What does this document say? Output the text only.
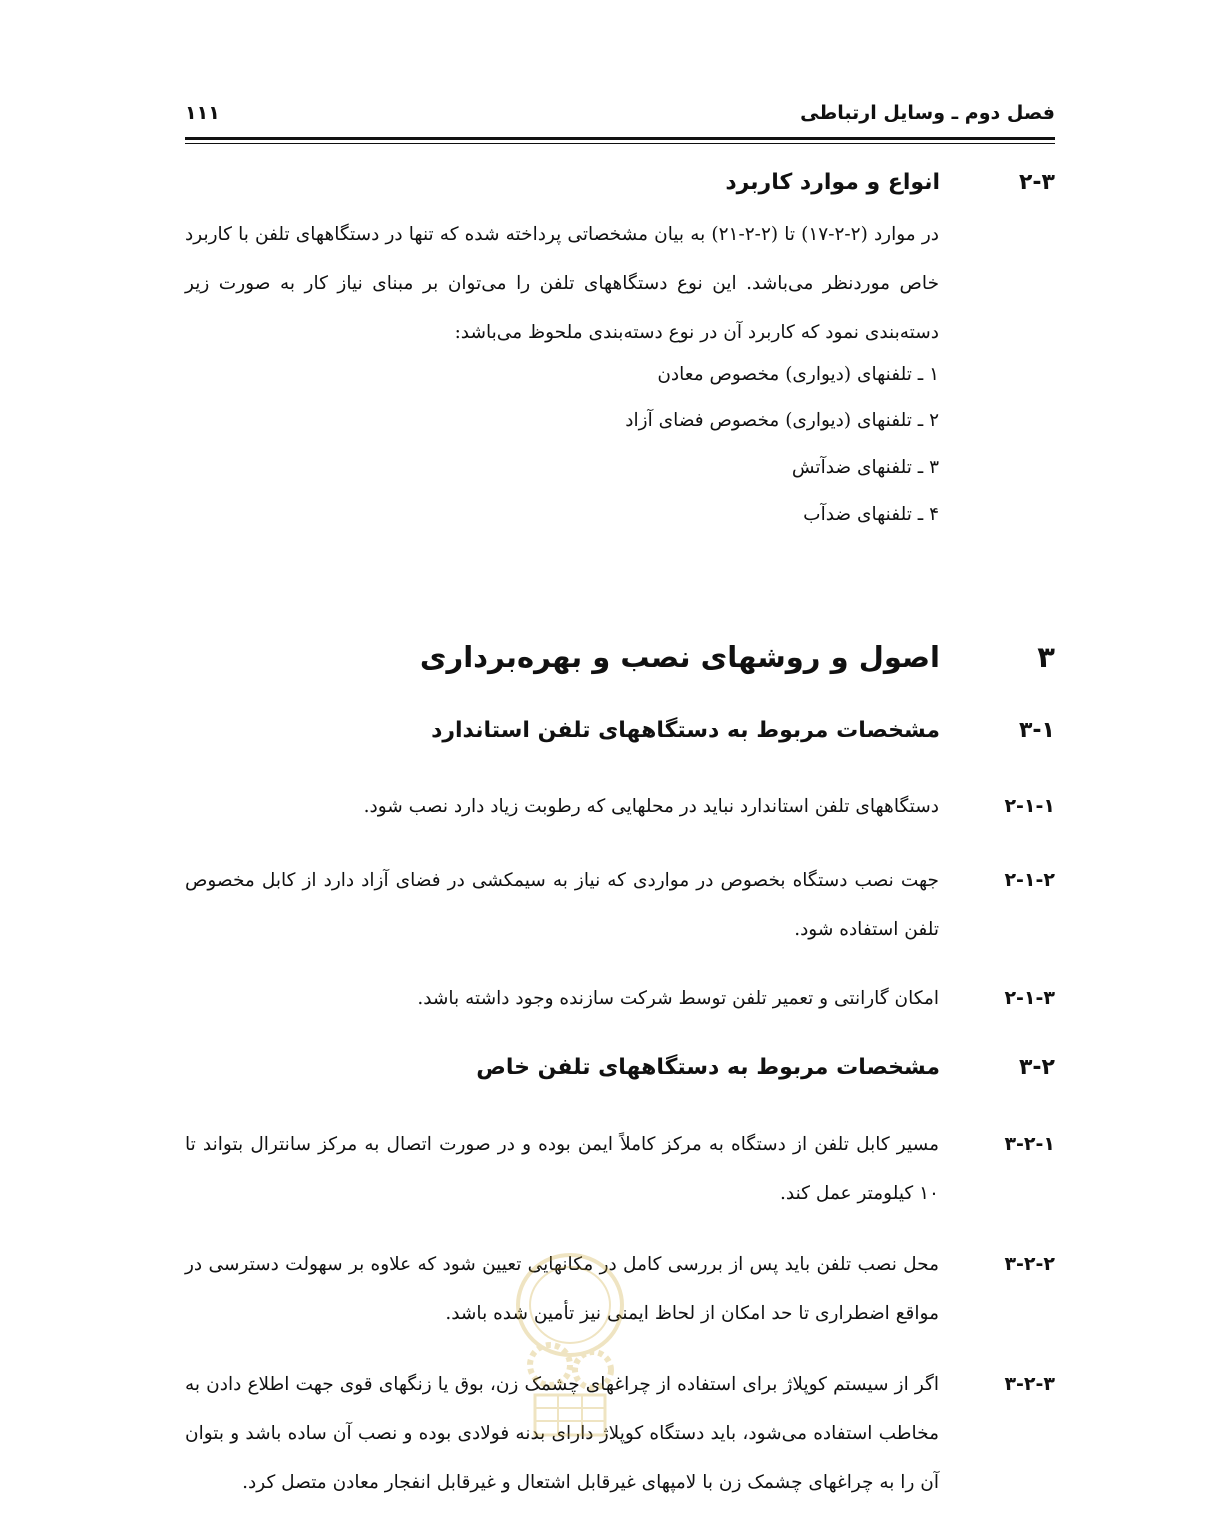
فصل دوم ـ وسایل ارتباطی
۱۱۱
۲-۳
انواع و موارد کاربرد
در موارد (۲-۲-۱۷) تا (۲-۲-۲۱) به بیان مشخصاتی پرداخته شده که تنها در دستگاههای تلفن با کاربرد خاص موردنظر می‌باشد. این نوع دستگاههای تلفن را می‌توان بر مبنای نیاز کار به صورت زیر دسته‌بندی نمود که کاربرد آن در نوع دسته‌بندی ملحوظ می‌باشد:
۱ ـ تلفنهای (دیواری) مخصوص معادن
۲ ـ تلفنهای (دیواری) مخصوص فضای آزاد
۳ ـ تلفنهای ضدآتش
۴ ـ تلفنهای ضدآب
۳
اصول و روشهای نصب و بهره‌برداری
۳-۱
مشخصات مربوط به دستگاههای تلفن استاندارد
۲-۱-۱
دستگاههای تلفن استاندارد نباید در محلهایی که رطوبت زیاد دارد نصب شود.
۲-۱-۲
جهت نصب دستگاه بخصوص در مواردی که نیاز به سیمکشی در فضای آزاد دارد از کابل مخصوص تلفن استفاده شود.
۲-۱-۳
امکان گارانتی و تعمیر تلفن توسط شرکت سازنده وجود داشته باشد.
۳-۲
مشخصات مربوط به دستگاههای تلفن خاص
۳-۲-۱
مسیر کابل تلفن از دستگاه به مرکز کاملاً ایمن بوده و در صورت اتصال به مرکز سانترال بتواند تا ۱۰ کیلومتر عمل کند.
۳-۲-۲
محل نصب تلفن باید پس از بررسی کامل در مکانهایی تعیین شود که علاوه بر سهولت دسترسی در مواقع اضطراری تا حد امکان از لحاظ ایمنی نیز تأمین شده باشد.
۳-۲-۳
اگر از سیستم کوپلاژ برای استفاده از چراغهای چشمک زن، بوق یا زنگهای قوی جهت اطلاع دادن به مخاطب استفاده می‌شود، باید دستگاه کوپلاژ دارای بدنه فولادی بوده و نصب آن ساده باشد و بتوان آن را به چراغهای چشمک زن با لامپهای غیرقابل اشتعال و غیرقابل انفجار معادن متصل کرد.
